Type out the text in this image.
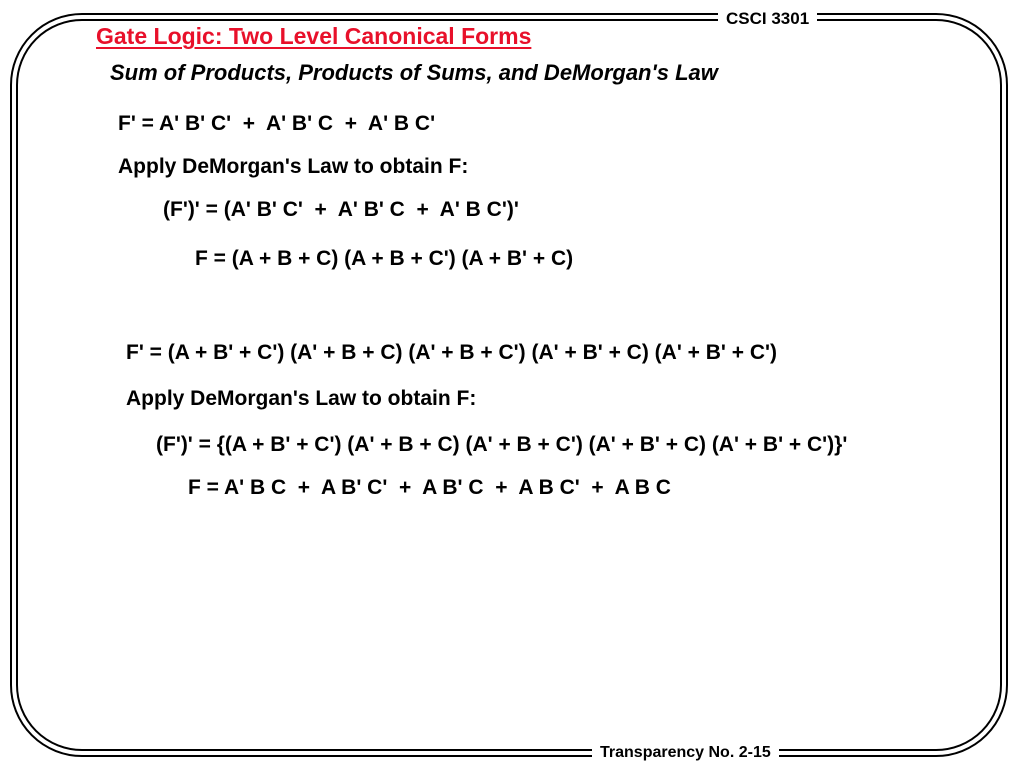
CSCI 3301
Gate Logic: Two Level Canonical Forms
Sum of Products, Products of Sums, and DeMorgan's Law
F' = A' B' C'  +  A' B' C  +  A' B C'
Apply DeMorgan's Law to obtain F:
(F')' = (A' B' C'  +  A' B' C  +  A' B C')'
F = (A + B + C) (A + B + C') (A + B' + C)
F' = (A + B' + C') (A' + B + C) (A' + B + C') (A' + B' + C) (A' + B' + C')
Apply DeMorgan's Law to obtain F:
(F')' = {(A + B' + C') (A' + B + C) (A' + B + C') (A' + B' + C) (A' + B' + C')}'
F = A' B C  +  A B' C'  +  A B' C  +  A B C'  +  A B C
Transparency No. 2-15
